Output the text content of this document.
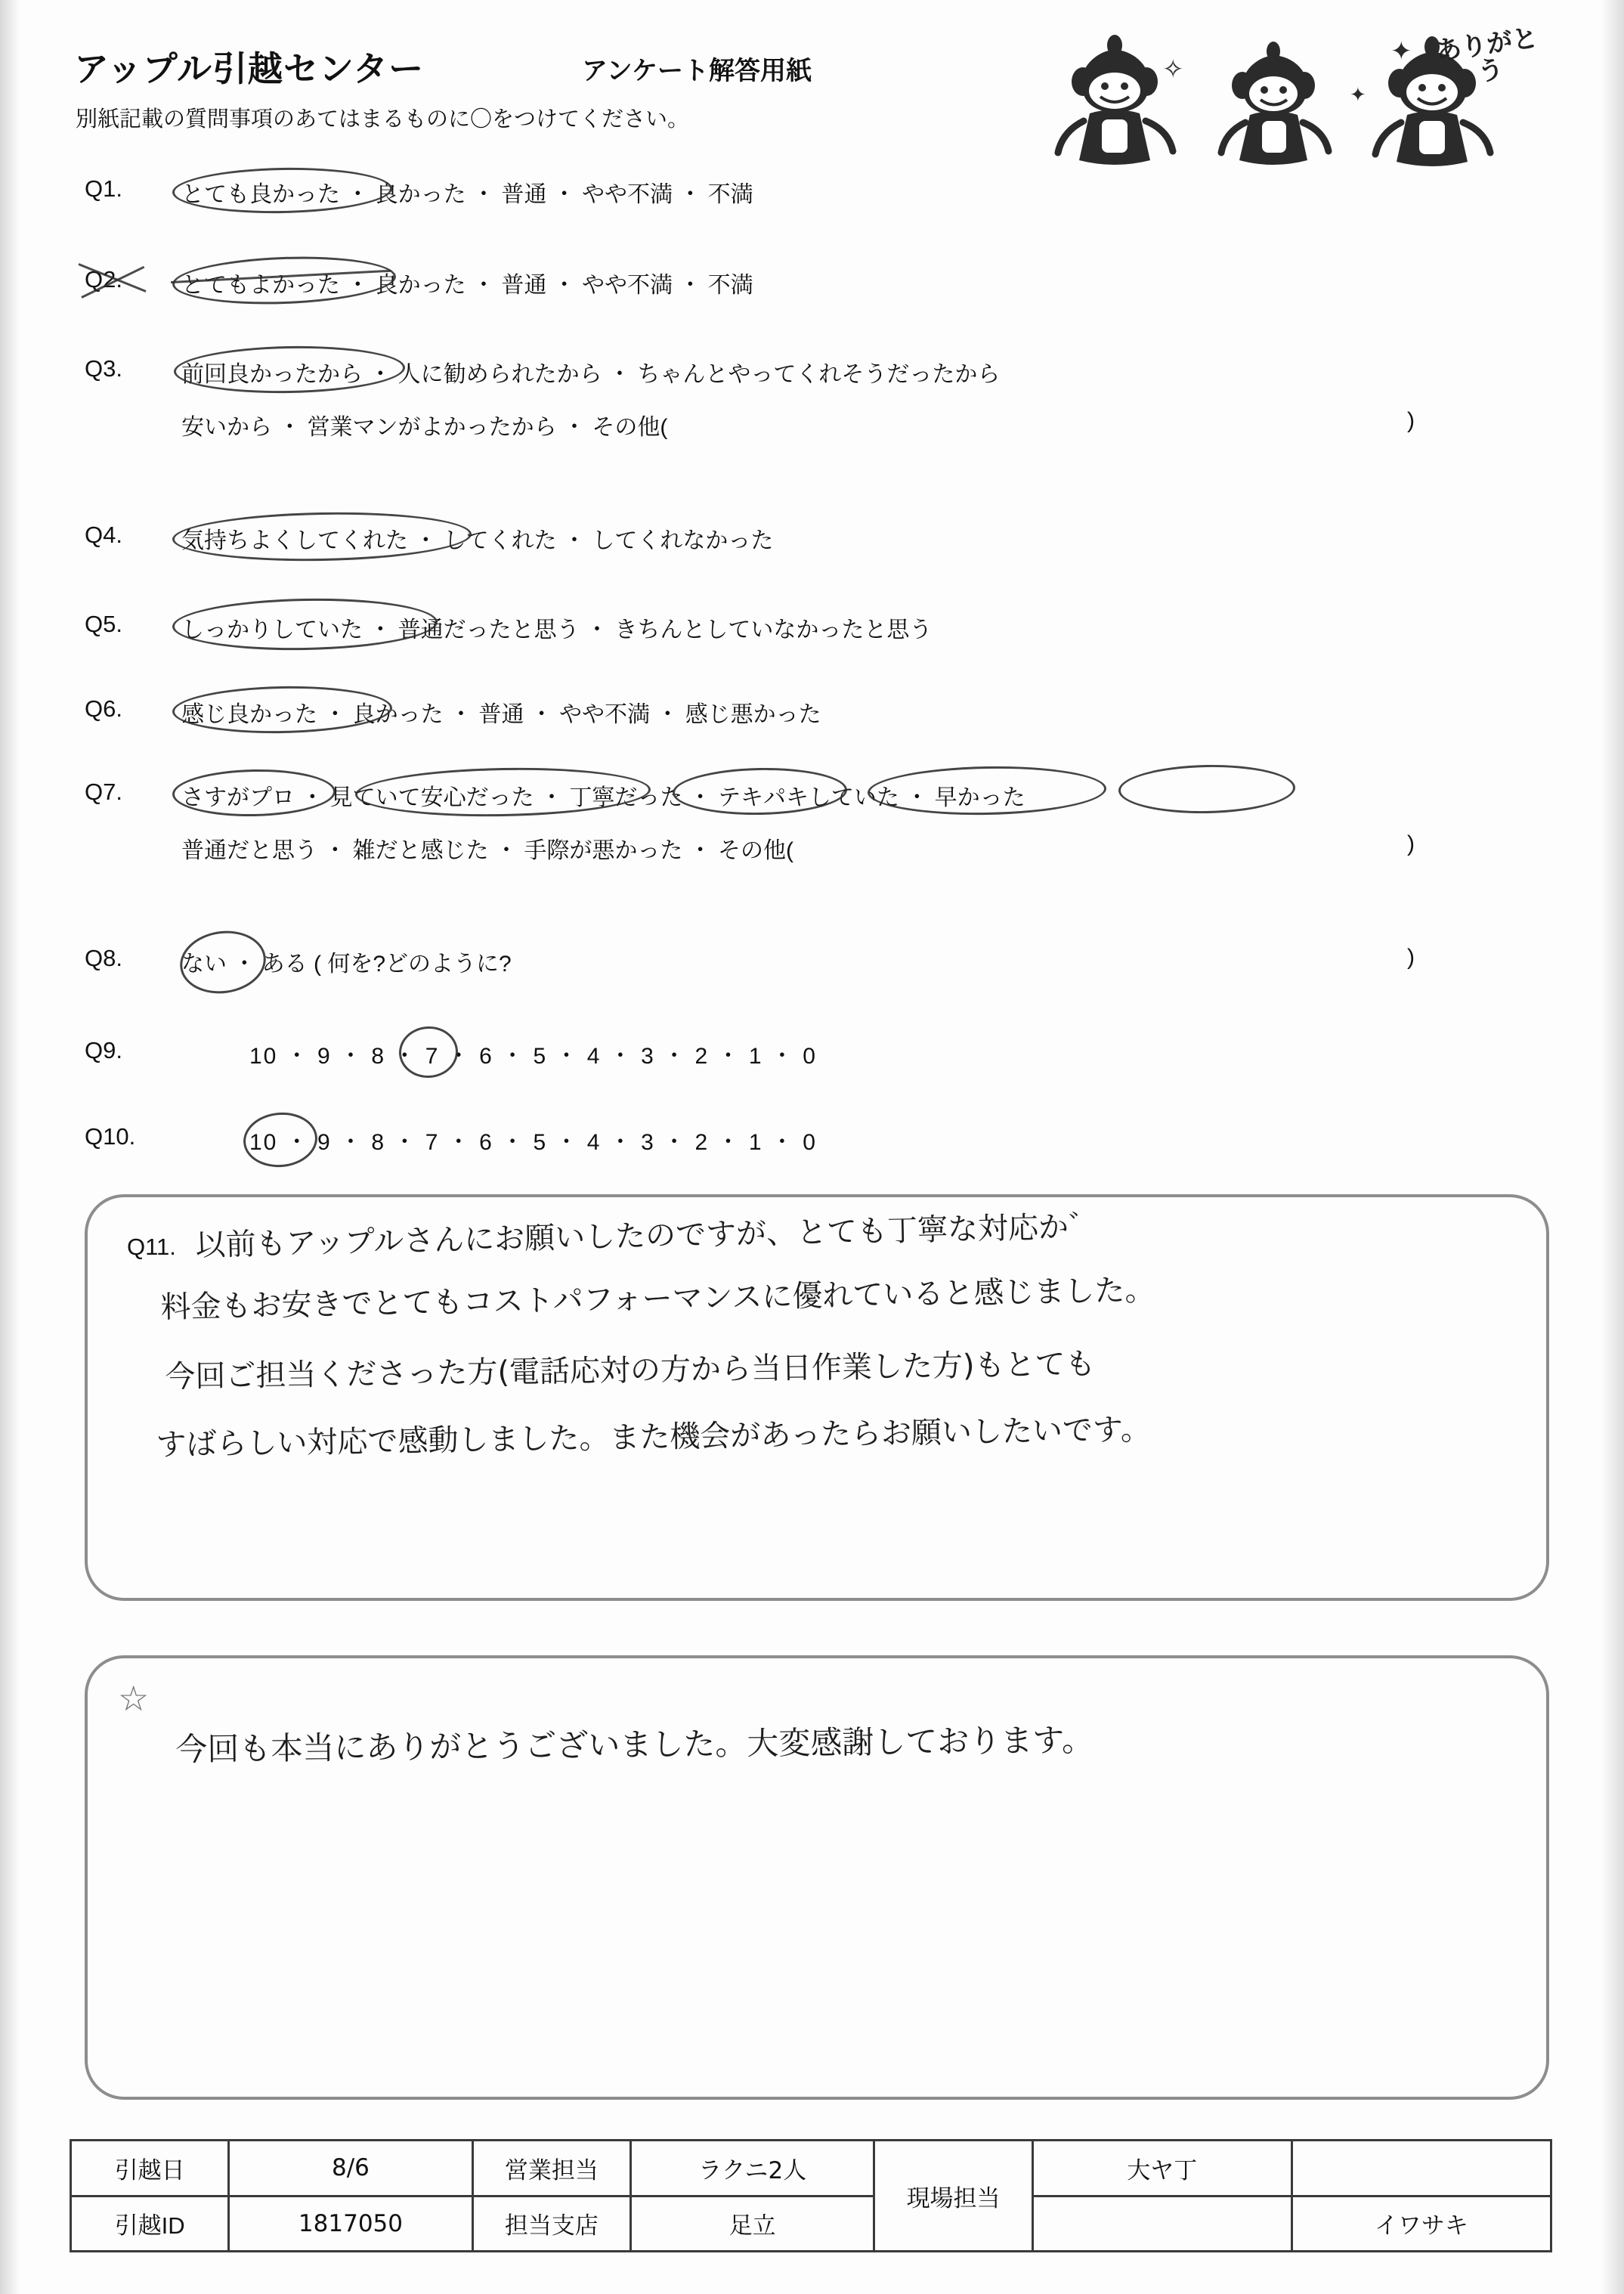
アップル引越センター	アンケート解答用紙
別紙記載の質問事項のあてはまるものに〇をつけてください。
✦
✦
✧
ありがとう
Q1.	とても良かった ・ 良かった ・ 普通 ・ やや不満 ・ 不満
Q2.	とてもよかった ・ 良かった ・ 普通 ・ やや不満 ・ 不満
Q3.	前回良かったから ・ 人に勧められたから ・ ちゃんとやってくれそうだったから
安いから ・ 営業マンがよかったから ・ その他(	)
Q4.	気持ちよくしてくれた ・ してくれた ・ してくれなかった
Q5.	しっかりしていた ・ 普通だったと思う ・ きちんとしていなかったと思う
Q6.	感じ良かった ・ 良かった ・ 普通 ・ やや不満 ・ 感じ悪かった
Q7.	さすがプロ ・ 見ていて安心だった ・ 丁寧だった ・ テキパキしていた ・ 早かった
普通だと思う ・ 雑だと感じた ・ 手際が悪かった ・ その他(	)
Q8.	ない ・ ある ( 何を?どのように?	)
Q9.	10 ・ 9 ・ 8 ・ 7 ・ 6 ・ 5 ・ 4 ・ 3 ・ 2 ・ 1 ・ 0
Q10.	10 ・ 9 ・ 8 ・ 7 ・ 6 ・ 5 ・ 4 ・ 3 ・ 2 ・ 1 ・ 0
Q11. 以前もアップルさんにお願いしたのですが、とても丁寧な対応か゛
料金もお安きでとてもコストパフォーマンスに優れていると感じました。
今回ご担当くださった方(電話応対の方から当日作業した方)もとても
すばらしい対応で感動しました。また機会があったらお願いしたいです。
☆
今回も本当にありがとうございました。大変感謝しております。
引越日	8/6	営業担当	ラクニ2人	現場担当	大ヤ丁	
引越ID	1817050	担当支店	足立			イワサキ
